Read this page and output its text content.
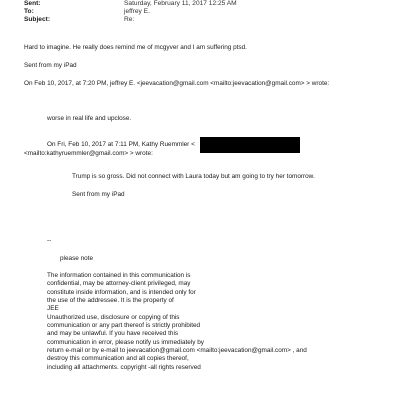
Sent:	Saturday, February 11, 2017 12:25 AM
To:	jeffrey E.
Subject:	Re:
Hard to imagine. He really does remind me of mcgyver and I am suffering ptsd.
Sent from my iPad
On Feb 10, 2017, at 7:20 PM, jeffrey E. <jeevacation@gmail.com <mailto:jeevacation@gmail.com> > wrote:
worse in real life and upclose.
On Fri, Feb 10, 2017 at 7:11 PM, Kathy Ruemmler <
<mailto:kathyruemmler@gmail.com> > wrote:
Trump is so gross. Did not connect with Laura today but am going to try her tomorrow.
Sent from my iPad
--
please note
The information contained in this communication is
confidential, may be attorney-client privileged, may
constitute inside information, and is intended only for
the use of the addressee. It is the property of
JEE
Unauthorized use, disclosure or copying of this
communication or any part thereof is strictly prohibited
and may be unlawful. If you have received this
communication in error, please notify us immediately by
return e-mail or by e-mail to jeevacation@gmail.com <mailto:jeevacation@gmail.com> , and
destroy this communication and all copies thereof,
including all attachments. copyright -all rights reserved
